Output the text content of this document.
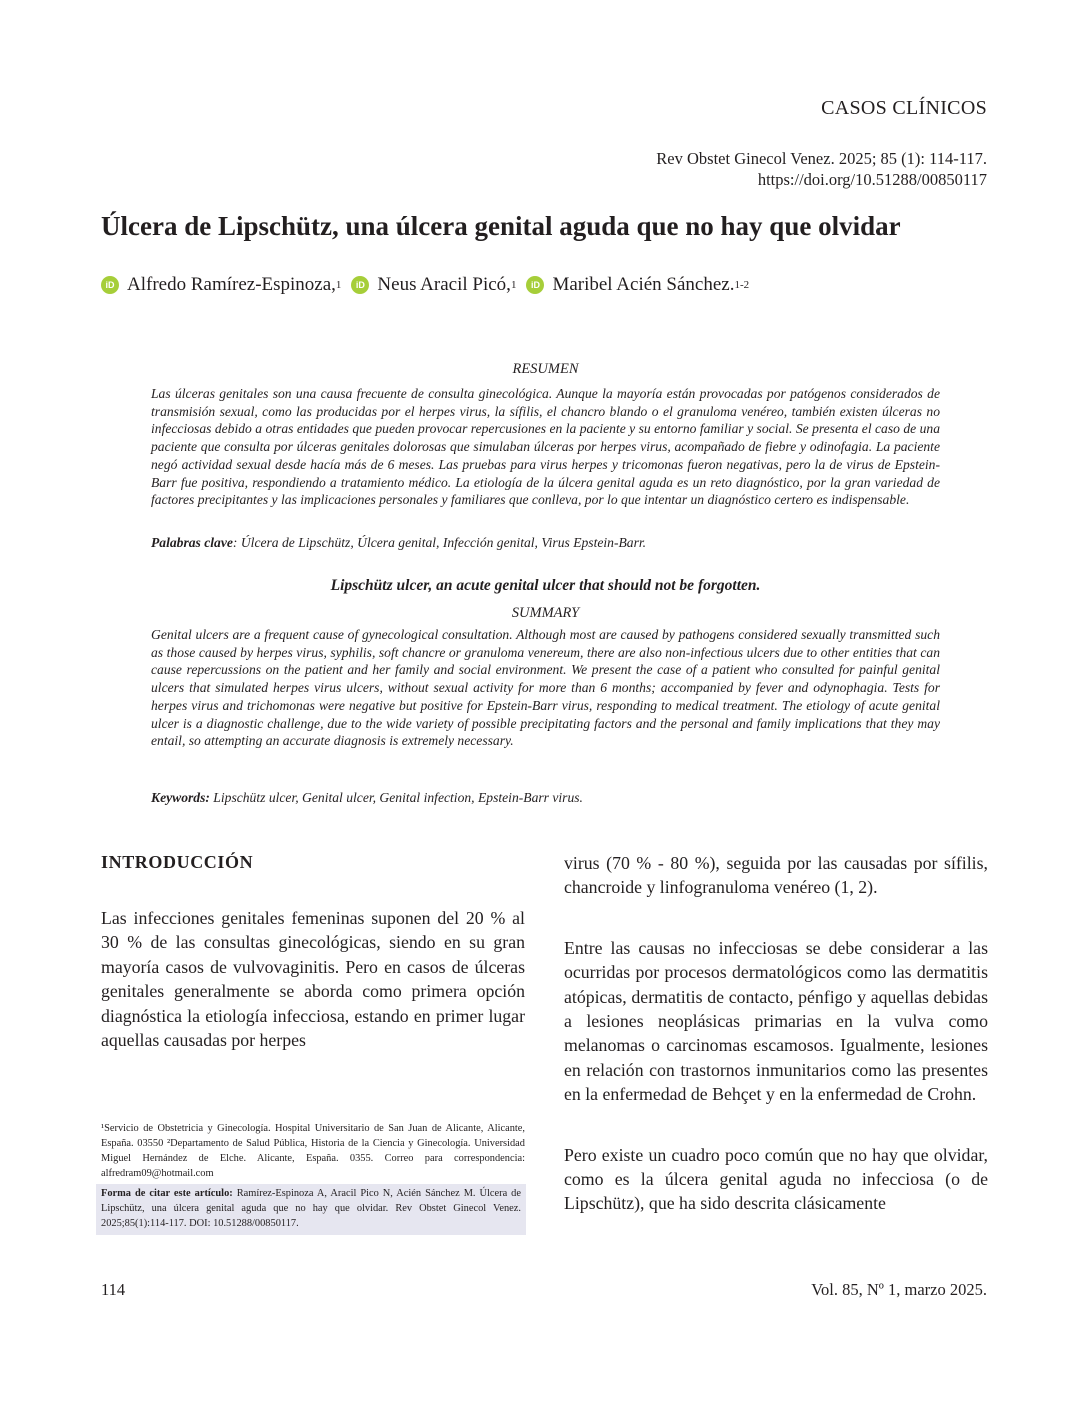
CASOS CLÍNICOS
Rev Obstet Ginecol Venez. 2025; 85 (1): 114-117.
https://doi.org/10.51288/00850117
Úlcera de Lipschütz, una úlcera genital aguda que no hay que olvidar
iD Alfredo Ramírez-Espinoza, 1	iD Neus Aracil Picó, 1	iD Maribel Acién Sánchez. 1-2
RESUMEN
Las úlceras genitales son una causa frecuente de consulta ginecológica. Aunque la mayoría están provocadas por patógenos considerados de transmisión sexual, como las producidas por el herpes virus, la sífilis, el chancro blando o el granuloma venéreo, también existen úlceras no infecciosas debido a otras entidades que pueden provocar repercusiones en la paciente y su entorno familiar y social. Se presenta el caso de una paciente que consulta por úlceras genitales dolorosas que simulaban úlceras por herpes virus, acompañado de fiebre y odinofagia. La paciente negó actividad sexual desde hacía más de 6 meses. Las pruebas para virus herpes y tricomonas fueron negativas, pero la de virus de Epstein-Barr fue positiva, respondiendo a tratamiento médico. La etiología de la úlcera genital aguda es un reto diagnóstico, por la gran variedad de factores precipitantes y las implicaciones personales y familiares que conlleva, por lo que intentar un diagnóstico certero es indispensable.
Palabras clave: Úlcera de Lipschütz, Úlcera genital, Infección genital, Virus Epstein-Barr.
Lipschütz ulcer, an acute genital ulcer that should not be forgotten.
SUMMARY
Genital ulcers are a frequent cause of gynecological consultation. Although most are caused by pathogens considered sexually transmitted such as those caused by herpes virus, syphilis, soft chancre or granuloma venereum, there are also non-infectious ulcers due to other entities that can cause repercussions on the patient and her family and social environment. We present the case of a patient who consulted for painful genital ulcers that simulated herpes virus ulcers, without sexual activity for more than 6 months; accompanied by fever and odynophagia. Tests for herpes virus and trichomonas were negative but positive for Epstein-Barr virus, responding to medical treatment. The etiology of acute genital ulcer is a diagnostic challenge, due to the wide variety of possible precipitating factors and the personal and family implications that they may entail, so attempting an accurate diagnosis is extremely necessary.
Keywords: Lipschütz ulcer, Genital ulcer, Genital infection, Epstein-Barr virus.
INTRODUCCIÓN

Las infecciones genitales femeninas suponen del 20 % al 30 % de las consultas ginecológicas, siendo en su gran mayoría casos de vulvovaginitis. Pero en casos de úlceras genitales generalmente se aborda como primera opción diagnóstica la etiología infecciosa, estando en primer lugar aquellas causadas por herpes

virus (70 % - 80 %), seguida por las causadas por sífilis, chancroide y linfogranuloma venéreo (1, 2).

Entre las causas no infecciosas se debe considerar a las ocurridas por procesos dermatológicos como las dermatitis atópicas, dermatitis de contacto, pénfigo y aquellas debidas a lesiones neoplásicas primarias en la vulva como melanomas o carcinomas escamosos. Igualmente, lesiones en relación con trastornos inmunitarios como las presentes en la enfermedad de Behçet y en la enfermedad de Crohn.

Pero existe un cuadro poco común que no hay que olvidar, como es la úlcera genital aguda no infecciosa (o de Lipschütz), que ha sido descrita clásicamente

¹Servicio de Obstetricia y Ginecología. Hospital Universitario de San Juan de Alicante, Alicante, España. 03550 ²Departamento de Salud Pública, Historia de la Ciencia y Ginecología. Universidad Miguel Hernández de Elche. Alicante, España. 0355. Correo para correspondencia: alfredram09@hotmail.com
Forma de citar este artículo: Ramírez-Espinoza A, Aracil Pico N, Acién Sánchez M. Úlcera de Lipschütz, una úlcera genital aguda que no hay que olvidar. Rev Obstet Ginecol Venez. 2025;85(1):114-117. DOI: 10.51288/00850117.
114	Vol. 85, Nº 1, marzo 2025.
